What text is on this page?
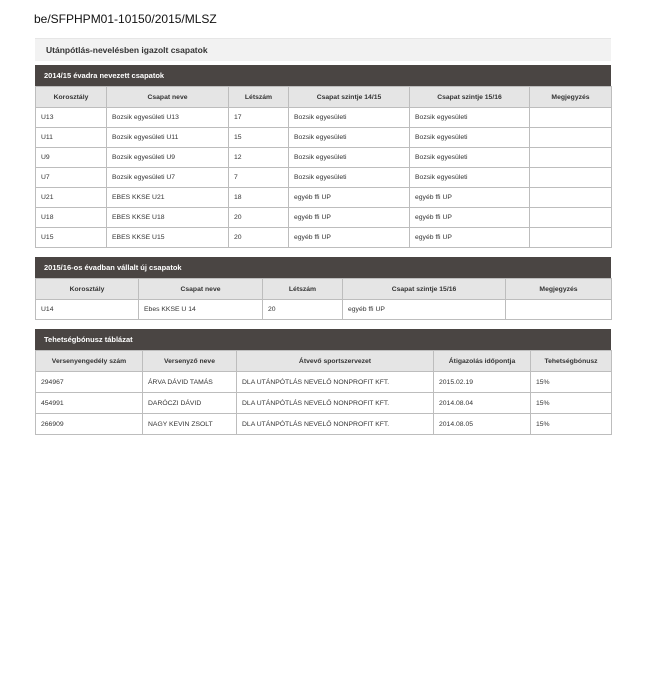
be/SFPHPM01-10150/2015/MLSZ
Utánpótlás-nevelésben igazolt csapatok
2014/15 évadra nevezett csapatok
Korosztály	Csapat neve	Létszám	Csapat szintje 14/15	Csapat szintje 15/16	Megjegyzés
U13	Bozsik egyesületi U13	17	Bozsik egyesületi	Bozsik egyesületi	
U11	Bozsik egyesületi U11	15	Bozsik egyesületi	Bozsik egyesületi	
U9	Bozsik egyesületi U9	12	Bozsik egyesületi	Bozsik egyesületi	
U7	Bozsik egyesületi U7	7	Bozsik egyesületi	Bozsik egyesületi	
U21	EBES KKSE U21	18	egyéb ffi UP	egyéb ffi UP	
U18	EBES KKSE U18	20	egyéb ffi UP	egyéb ffi UP	
U15	EBES KKSE U15	20	egyéb ffi UP	egyéb ffi UP	
2015/16-os évadban vállalt új csapatok
Korosztály	Csapat neve	Létszám	Csapat szintje 15/16	Megjegyzés
U14	Ebes KKSE U 14	20	egyéb ffi UP	
Tehetségbónusz táblázat
Versenyengedély szám	Versenyző neve	Átvevő sportszervezet	Átigazolás időpontja	Tehetségbónusz
294967	ÁRVA DÁVID TAMÁS	DLA UTÁNPÓTLÁS NEVELŐ NONPROFIT KFT.	2015.02.19	15%
454991	DARÓCZI DÁVID	DLA UTÁNPÓTLÁS NEVELŐ NONPROFIT KFT.	2014.08.04	15%
266909	NAGY KEVIN ZSOLT	DLA UTÁNPÓTLÁS NEVELŐ NONPROFIT KFT.	2014.08.05	15%
